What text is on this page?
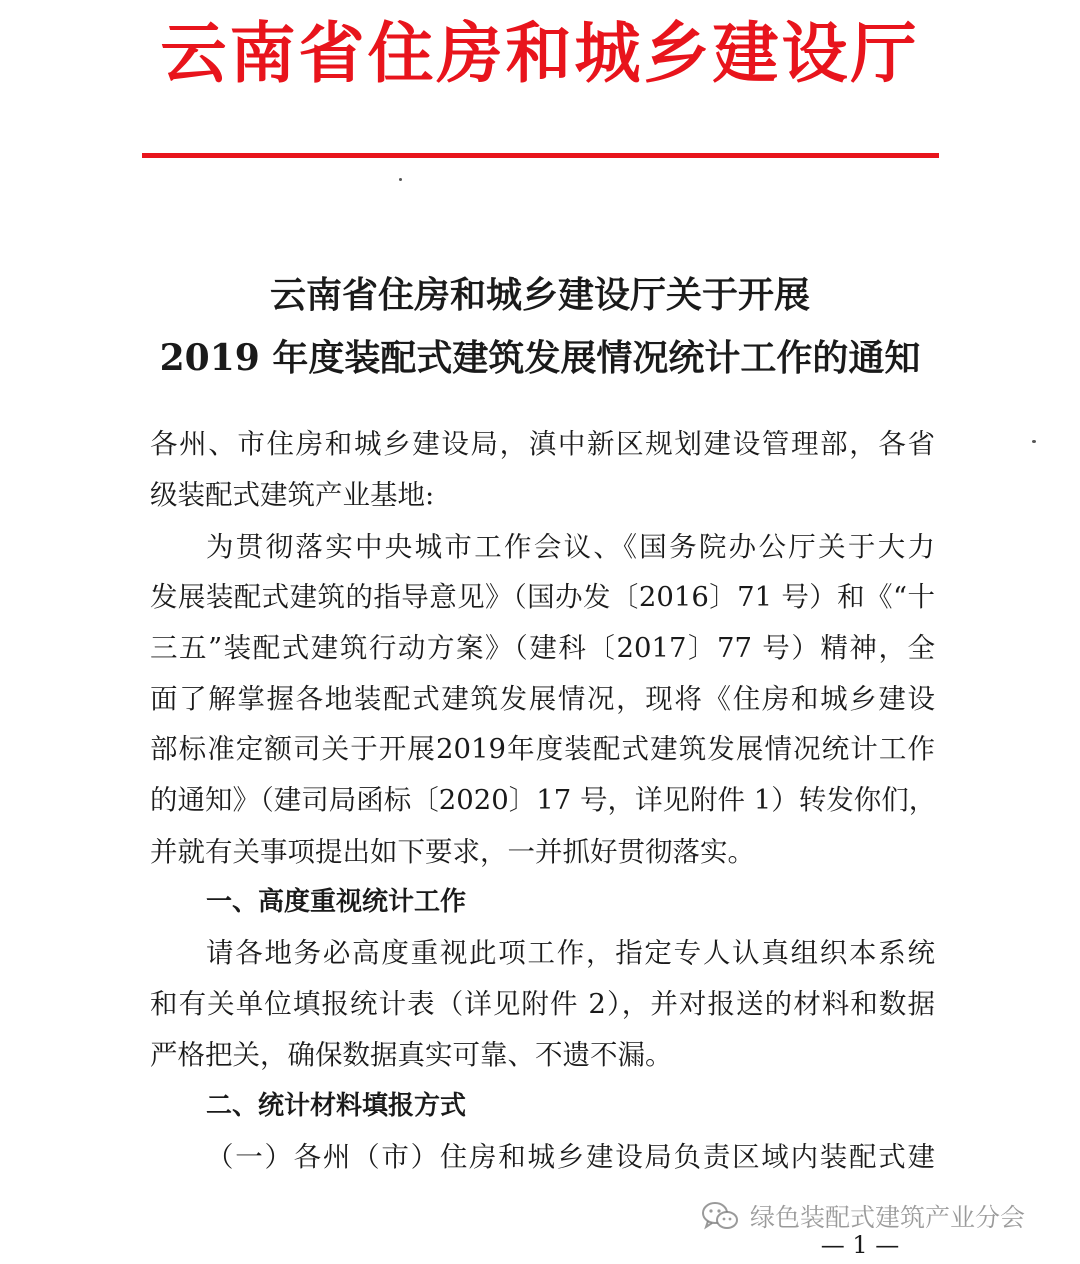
云南省住房和城乡建设厅
云南省住房和城乡建设厅关于开展
2019 年度装配式建筑发展情况统计工作的通知
各州、市住房和城乡建设局，滇中新区规划建设管理部，各省
级装配式建筑产业基地:
为贯彻落实中央城市工作会议、《国务院办公厅关于大力
发展装配式建筑的指导意见》（国办发〔2016〕71 号）和《“十
三五”装配式建筑行动方案》（建科〔2017〕77 号）精神，全
面了解掌握各地装配式建筑发展情况，现将《住房和城乡建设
部标准定额司关于开展2019年度装配式建筑发展情况统计工作
的通知》（建司局函标〔2020〕17 号，详见附件 1）转发你们，
并就有关事项提出如下要求，一并抓好贯彻落实。
一、高度重视统计工作
请各地务必高度重视此项工作，指定专人认真组织本系统
和有关单位填报统计表（详见附件 2），并对报送的材料和数据
严格把关，确保数据真实可靠、不遗不漏。
二、统计材料填报方式
（一）各州（市）住房和城乡建设局负责区域内装配式建
绿色装配式建筑产业分会
— 1 —
